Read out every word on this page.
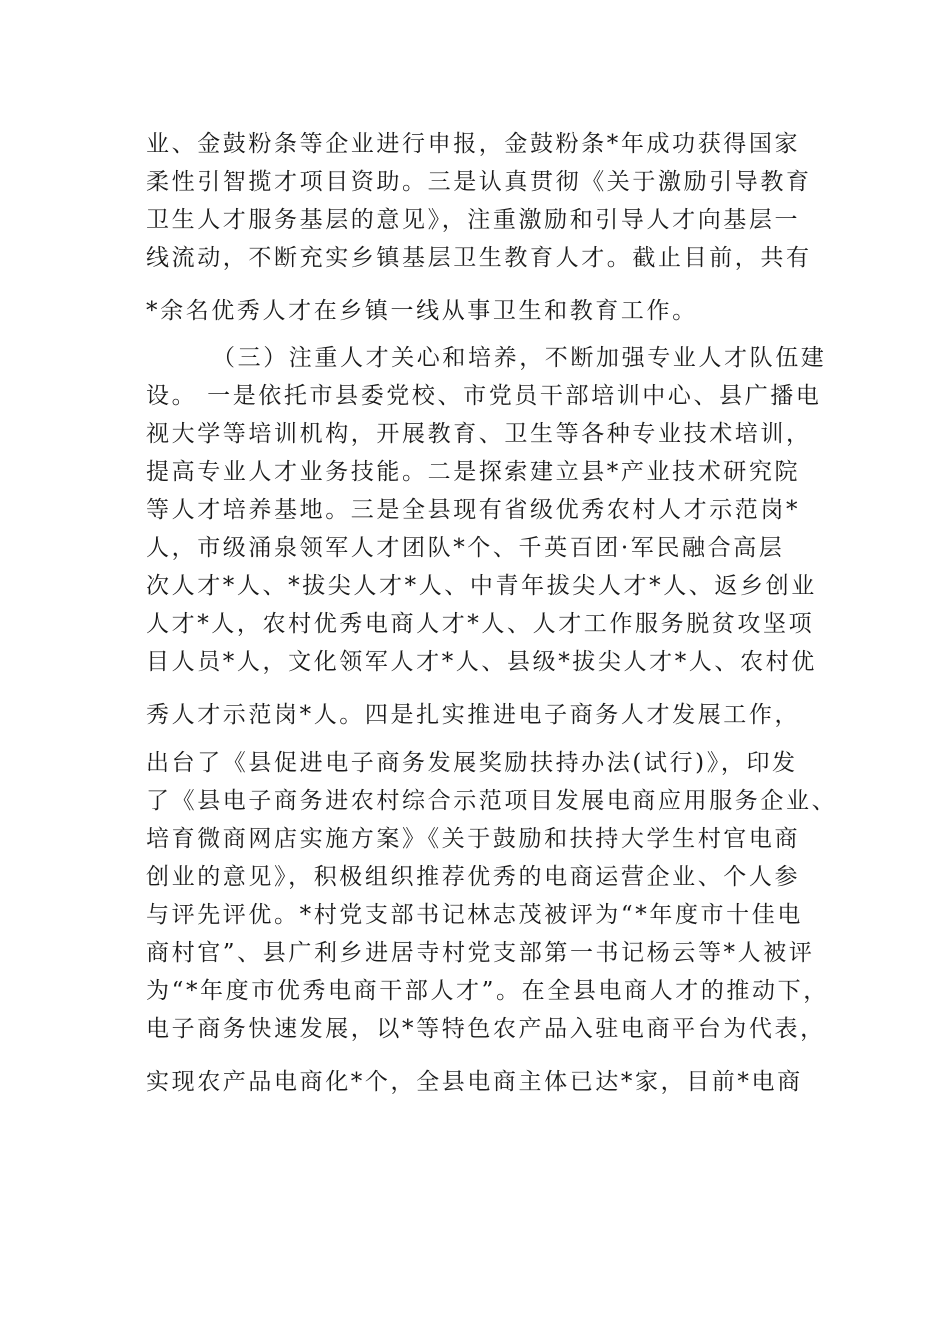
业、金鼓粉条等企业进行申报，金鼓粉条*年成功获得国家
柔性引智揽才项目资助。三是认真贯彻《关于激励引导教育
卫生人才服务基层的意见》，注重激励和引导人才向基层一
线流动，不断充实乡镇基层卫生教育人才。截止目前，共有
*余名优秀人才在乡镇一线从事卫生和教育工作。
（三）注重人才关心和培养，不断加强专业人才队伍建
设。 一是依托市县委党校、市党员干部培训中心、县广播电
视大学等培训机构，开展教育、卫生等各种专业技术培训，
提高专业人才业务技能。二是探索建立县*产业技术研究院
等人才培养基地。三是全县现有省级优秀农村人才示范岗*
人，市级涌泉领军人才团队*个、千英百团·军民融合高层
次人才*人、*拔尖人才*人、中青年拔尖人才*人、返乡创业
人才*人，农村优秀电商人才*人、人才工作服务脱贫攻坚项
目人员*人，文化领军人才*人、县级*拔尖人才*人、农村优
秀人才示范岗*人。四是扎实推进电子商务人才发展工作，
出台了《县促进电子商务发展奖励扶持办法(试行)》，印发
了《县电子商务进农村综合示范项目发展电商应用服务企业、
培育微商网店实施方案》《关于鼓励和扶持大学生村官电商
创业的意见》，积极组织推荐优秀的电商运营企业、个人参
与评先评优。*村党支部书记林志茂被评为“*年度市十佳电
商村官”、县广利乡进居寺村党支部第一书记杨云等*人被评
为“*年度市优秀电商干部人才”。在全县电商人才的推动下，
电子商务快速发展，以*等特色农产品入驻电商平台为代表，
实现农产品电商化*个，全县电商主体已达*家，目前*电商
